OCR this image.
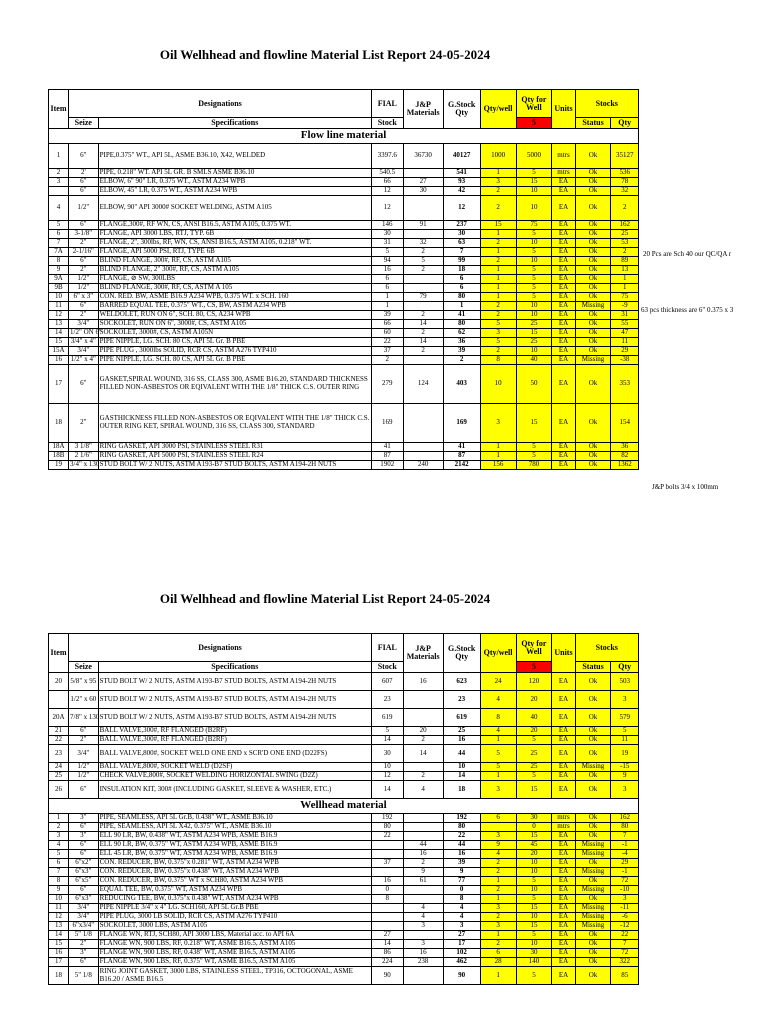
Oil Welhhead and flowline Material List Report 24-05-2024
Item	Designations		FIAL	J&P Materials	G.Stock Qty	Qty/well	Qty for Well	Units	Stocks	
	Seize	Specifications	Stock				5		Status	Qty
Flow line material										
1	6"	PIPE,0.375" WT., API 5L, ASME B36.10, X42, WELDED	3397.6	36730	40127	1000	5000	mtrs	Ok	35127
2	2'	PIPE, 0.218" WT. API 5L GR. B SMLS ASME B36.10	540.5		541	1	5	mtrs	Ok	536
3	6"	ELBOW, 6" 90" LR, 0.375 WT., ASTM A234 WPB	66	27	93	3	15	EA	Ok	78
	6"	ELBOW, 45" LR, 0.375 WT., ASTM A234 WPB	12	30	42	2	10	EA	Ok	32
4	1/2"	ELBOW, 90" API 3000# SOCKET WELDING, ASTM A105	12		12	2	10	EA	Ok	2
5	6"	FLANGE,300#, RF WN, CS, ANSI B16.5, ASTM A105, 0.375 WT.	146	91	237	15	75	EA	Ok	162
6	3-1/8"	FLANGE, API 3000 LBS, RTJ, TYP. 6B	30		30	1	5	EA	Ok	25
7	2"	FLANGE, 2", 300lbs, RF, WN, CS, ANSI B16.5, ASTM A105, 0.218" WT.	31	32	63	2	10	EA	Ok	53
7A	2-1/16"	FLANGE, API 5000 PSI, RTJ, TYPE 6B	5	2	7	1	5	EA	Ok	2
8	6"	BLIND FLANGE, 300#, RF, CS, ASTM A105	94	5	99	2	10	EA	Ok	89
9	2"	BLIND FLANGE, 2" 300#, RF, CS, ASTM A105	16	2	18	1	5	EA	Ok	13
9A	1/2"	FLANGE, ⊘ SW, 300LBS	6		6	1	5	EA	Ok	1
9B	1/2"	BLIND FLANGE, 300#, RF, CS, ASTM A 105	6		6	1	5	EA	Ok	1
10	6" x 3"	CON. RED. BW, ASME B16.9 A234 WPB, 0.375 WT. x SCH. 160	1	79	80	1	5	EA	Ok	75
11	6"	BARRED EQUAL TEE, 0.375" WT., CS, BW, ASTM A234 WPB	1		1	2	10	EA	Missing	-9
12	2"	WELDOLET, RUN ON 6", SCH. 80, CS, A234 WPB	39	2	41	2	10	EA	Ok	31
13	3/4"	SOCKOLET, RUN ON 6", 3000#, CS, ASTM A105	66	14	80	5	25	EA	Ok	55
14	1/2" ON 6"	SOCKOLET, 3000#, CS, ASTM A105N	60	2	62	3	15	EA	Ok	47
15	3/4" x 4"	PIPE NIPPLE, LG. SCH. 80 CS, API 5L Gr. B PBE	22	14	36	5	25	EA	Ok	11
15A	3/4"	PIPE PLUG , 3000lbs SOLID, RCR CS, ASTM A276 TYP410	37	2	39	2	10	EA	Ok	29
16	1/2" x 4"	PIPE NIPPLE, LG. SCH. 80 CS, API 5L Gr. B PBE	2		2	8	40	EA	Missing	-38
17	6"	GASKET,SPIRAL WOUND, 316 SS, CLASS 300, ASME B16.20, STANDARD THICKNESS FILLED NON-ASBESTOS OR EQIVALENT WITH THE 1/8" THICK C.S. OUTER RING	279	124	403	10	50	EA	Ok	353
18	2"	GASTHICKNESS FILLED NON-ASBESTOS OR EQIVALENT WITH THE 1/8" THICK C.S. OUTER RING KET, SPIRAL WOUND, 316 SS, CLASS 300, STANDARD	169		169	3	15	EA	Ok	154
18A	3 1/8"	RING GASKET, API 3000 PSI, STAINLESS STEEL R31	41		41	1	5	EA	Ok	36
18B	2 1/6"	RING GASKET, API 5000 PSI, STAINLESS STEEL R24	87		87	1	5	EA	Ok	82
19	3/4" x 130	STUD BOLT W/ 2 NUTS, ASTM A193-B7 STUD BOLTS, ASTM A194-2H NUTS	1902	240	2142	156	780	EA	Ok	1362
20 Pcs are Sch 40 our QC/QA r
63 pcs thickness are 6" 0.375 x 3
J&P bolts 3/4 x 100mm
Oil Welhhead and flowline Material List Report 24-05-2024
Item	Designations		FIAL	J&P Materials	G.Stock Qty	Qty/well	Qty for Well	Units	Stocks	
	Seize	Specifications	Stock				5		Status	Qty
20	5/8" x 95	STUD BOLT W/ 2 NUTS, ASTM A193-B7 STUD BOLTS, ASTM A194-2H NUTS	607	16	623	24	120	EA	Ok	503
	1/2" x 60	STUD BOLT W/ 2 NUTS, ASTM A193-B7 STUD BOLTS, ASTM A194-2H NUTS	23		23	4	20	EA	Ok	3
20A	7/8" x 130	STUD BOLT W/ 2 NUTS, ASTM A193-B7 STUD BOLTS, ASTM A194-2H NUTS	619		619	8	40	EA	Ok	579
21	6"	BALL VALVE,300#, RF FLANGED (B2RF)	5	20	25	4	20	EA	Ok	5
22	2"	BALL VALVE,300#, RF FLANGED (B2RF)	14	2	16	1	5	EA	Ok	11
23	3/4"	BALL VALVE,800#, SOCKET WELD ONE END x SCR'D ONE END (D22FS)	30	14	44	5	25	EA	Ok	19
24	1/2"	BALL VALVE,800#, SOCKET WELD (D2SF)	10		10	5	25	EA	Missing	-15
25	1/2"	CHECK VALVE,800#, SOCKET WELDING HORIZONTAL SWING (D2Z)	12	2	14	1	5	EA	Ok	9
26	6"	INSULATION KIT, 300# (INCLUDING GASKET, SLEEVE & WASHER, ETC.)	14	4	18	3	15	EA	Ok	3
Wellhead material										
1	3"	PIPE, SEAMLESS, API 5L Gr.B, 0.438" WT., ASME B36.10	192		192	6	30	mtrs	Ok	162
2	6"	PIPE, SEAMLESS, API 5L X42, 0.375" WT., ASME B36.10	80		80		0	mtrs	Ok	80
3	3"	ELL 90 LR, BW, 0.438" WT, ASTM A234 WPB, ASME B16.9	22		22	3	15	EA	Ok	7
4	6"	ELL 90 LR, BW, 0.375" WT, ASTM A234 WPB, ASME B16.9		44	44	9	45	EA	Missing	-1
5	6"	ELL 45 LR, BW, 0.375" WT, ASTM A234 WPB, ASME B16.9		16	16	4	20	EA	Missing	-4
6	6"x2"	CON. REDUCER, BW, 0.375"x 0.281" WT, ASTM A234 WPB	37	2	39	2	10	EA	Ok	29
7	6"x3"	CON. REDUCER, BW, 0.375"x 0.438" WT, ASTM A234 WPB		9	9	2	10	EA	Missing	-1
8	6"x5"	CON. REDUCER, BW, 0.375" WT x SCH80, ASTM A234 WPB	16	61	77	1	5	EA	Ok	72
9	6"	EQUAL TEE, BW, 0.375" WT, ASTM A234 WPB	0		0	2	10	EA	Missing	-10
10	6"x3"	REDUCING TEE, BW, 0.375"x 0.438" WT, ASTM A234 WPB	8		8	1	5	EA	Ok	3
11	3/4"	PIPE NIPPLE 3/4" x 4" LG. SCH160, API 5L Gr.B PBE		4	4	3	15	EA	Missing	-11
12	3/4"	PIPE PLUG, 3000 LB SOLID, RCR CS, ASTM A276 TYP410		4	4	2	10	EA	Missing	-6
13	6"x3/4"	SOCKOLET, 3000 LBS, ASTM A105		3	3	3	15	EA	Missing	-12
14	5" 1/8	FLANGE WN, RTJ, SCH80, API 3000 LBS, Material acc. to API 6A	27		27	1	5	EA	Ok	22
15	2"	FLANGE WN, 900 LBS, RF, 0.218" WT, ASME B16.5, ASTM A105	14	3	17	2	10	EA	Ok	7
16	3"	FLANGE WN, 900 LBS, RF, 0.438" WT, ASME B16.5, ASTM A105	86	16	102	6	30	EA	Ok	72
17	6"	FLANGE WN, 900 LBS, RF, 0.375" WT, ASME B16.5, ASTM A105	224	238	462	28	140	EA	Ok	322
18	5" 1/8	RING JOINT GASKET, 3000 LBS, STAINLESS STEEL, TP316, OCTOGONAL, ASME B16.20 / ASME B16.5	90		90	1	5	EA	Ok	85
